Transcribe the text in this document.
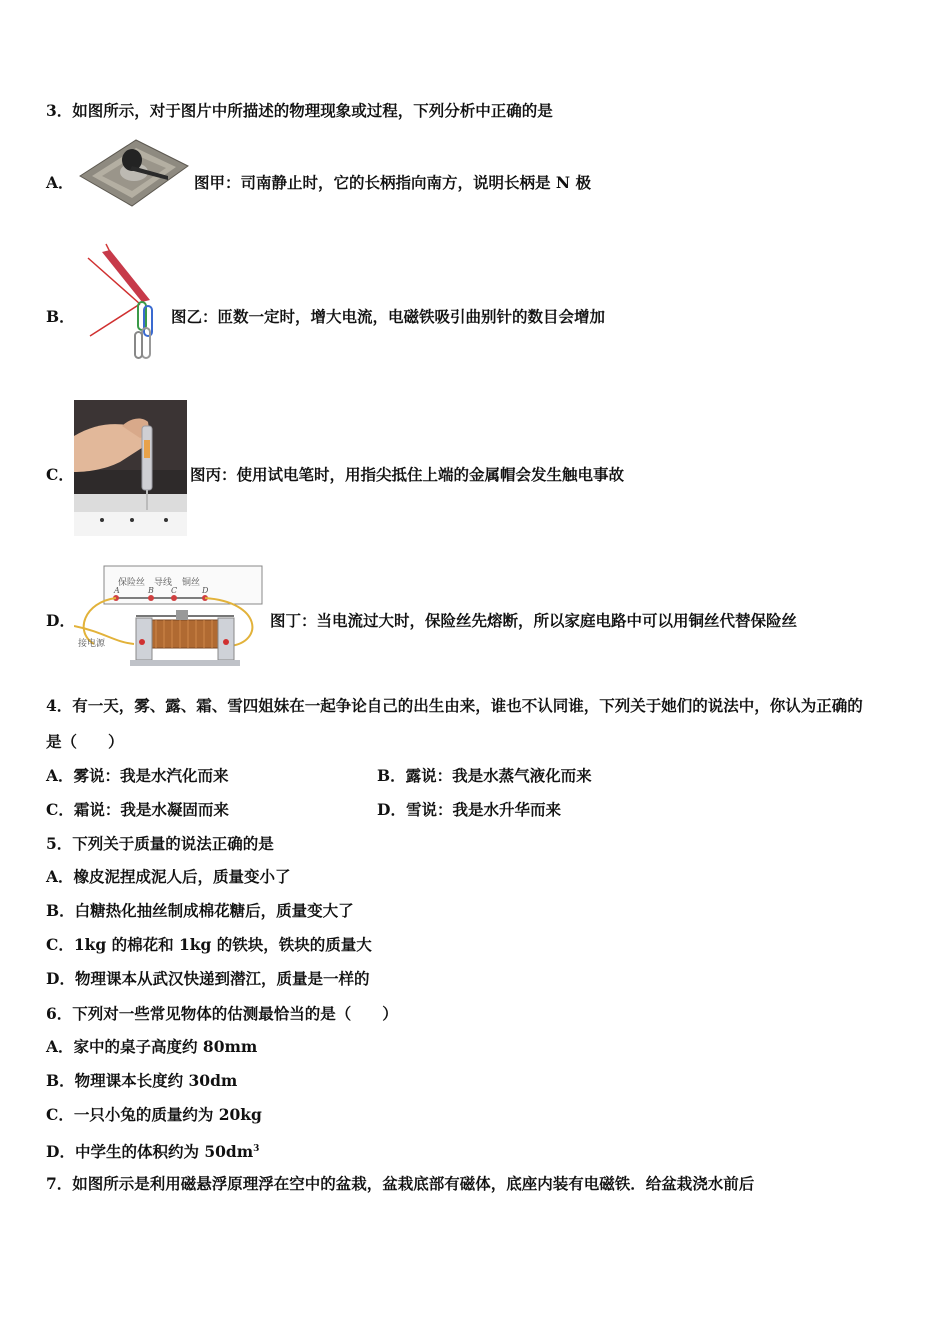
3．如图所示，对于图片中所描述的物理现象或过程，下列分析中正确的是
A．	图甲：司南静止时，它的长柄指向南方，说明长柄是 N 极
B．	图乙：匝数一定时，增大电流，电磁铁吸引曲别针的数目会增加
C．	图丙：使用试电笔时，用指尖抵住上端的金属帽会发生触电事故
D．
保险丝 导线 铜丝
A	B C	D
接电源
图丁：当电流过大时，保险丝先熔断，所以家庭电路中可以用铜丝代替保险丝
4．有一天，雾、露、霜、雪四姐妹在一起争论自己的出生由来，谁也不认同谁，下列关于她们的说法中，你认为正确的
是（　　）
A．雾说：我是水汽化而来	B．露说：我是水蒸气液化而来
C．霜说：我是水凝固而来	D．雪说：我是水升华而来
5．下列关于质量的说法正确的是
A．橡皮泥捏成泥人后，质量变小了
B．白糖热化抽丝制成棉花糖后，质量变大了
C．1kg 的棉花和 1kg 的铁块，铁块的质量大
D．物理课本从武汉快递到潜江，质量是一样的
6．下列对一些常见物体的估测最恰当的是（　　）
A．家中的桌子高度约 80mm
B．物理课本长度约 30dm
C．一只小兔的质量约为 20kg
D．中学生的体积约为 $50dm^3$
7．如图所示是利用磁悬浮原理浮在空中的盆栽，盆栽底部有磁体，底座内装有电磁铁．给盆栽浇水前后
